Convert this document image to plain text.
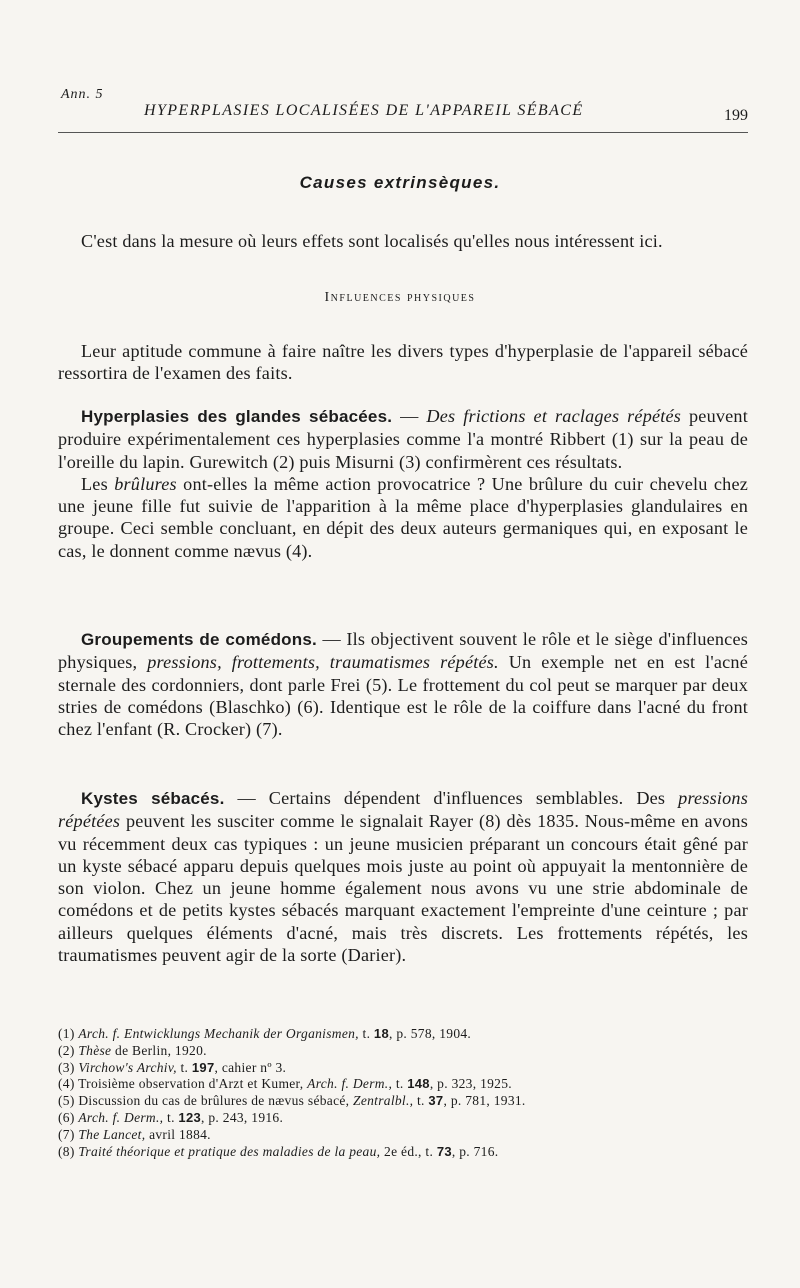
Ann. 5
HYPERPLASIES LOCALISÉES DE L'APPAREIL SÉBACÉ	199
Causes extrinsèques.

C'est dans la mesure où leurs effets sont localisés qu'elles nous intéressent ici.

Influences physiques

Leur aptitude commune à faire naître les divers types d'hyperplasie de l'appareil sébacé ressortira de l'examen des faits.

Hyperplasies des glandes sébacées. — Des frictions et raclages répétés peuvent produire expérimentalement ces hyperplasies comme l'a montré Ribbert (1) sur la peau de l'oreille du lapin. Gurewitch (2) puis Misurni (3) confirmèrent ces résultats.

Les brûlures ont-elles la même action provocatrice ? Une brûlure du cuir chevelu chez une jeune fille fut suivie de l'apparition à la même place d'hyperplasies glandulaires en groupe. Ceci semble concluant, en dépit des deux auteurs germaniques qui, en exposant le cas, le donnent comme nævus (4).

Groupements de comédons. — Ils objectivent souvent le rôle et le siège d'influences physiques, pressions, frottements, traumatismes répétés. Un exemple net en est l'acné sternale des cordonniers, dont parle Frei (5). Le frottement du col peut se marquer par deux stries de comédons (Blaschko) (6). Identique est le rôle de la coiffure dans l'acné du front chez l'enfant (R. Crocker) (7).

Kystes sébacés. — Certains dépendent d'influences semblables. Des pressions répétées peuvent les susciter comme le signalait Rayer (8) dès 1835. Nous-même en avons vu récemment deux cas typiques : un jeune musicien préparant un concours était gêné par un kyste sébacé apparu depuis quelques mois juste au point où appuyait la mentonnière de son violon. Chez un jeune homme également nous avons vu une strie abdominale de comédons et de petits kystes sébacés marquant exactement l'empreinte d'une ceinture ; par ailleurs quelques éléments d'acné, mais très discrets. Les frottements répétés, les traumatismes peuvent agir de la sorte (Darier).

(1) Arch. f. Entwicklungs Mechanik der Organismen, t. 18, p. 578, 1904.
(2) Thèse de Berlin, 1920.
(3) Virchow's Archiv, t. 197, cahier nº 3.
(4) Troisième observation d'Arzt et Kumer, Arch. f. Derm., t. 148, p. 323, 1925.
(5) Discussion du cas de brûlures de nævus sébacé, Zentralbl., t. 37, p. 781, 1931.
(6) Arch. f. Derm., t. 123, p. 243, 1916.
(7) The Lancet, avril 1884.
(8) Traité théorique et pratique des maladies de la peau, 2e éd., t. 73, p. 716.
